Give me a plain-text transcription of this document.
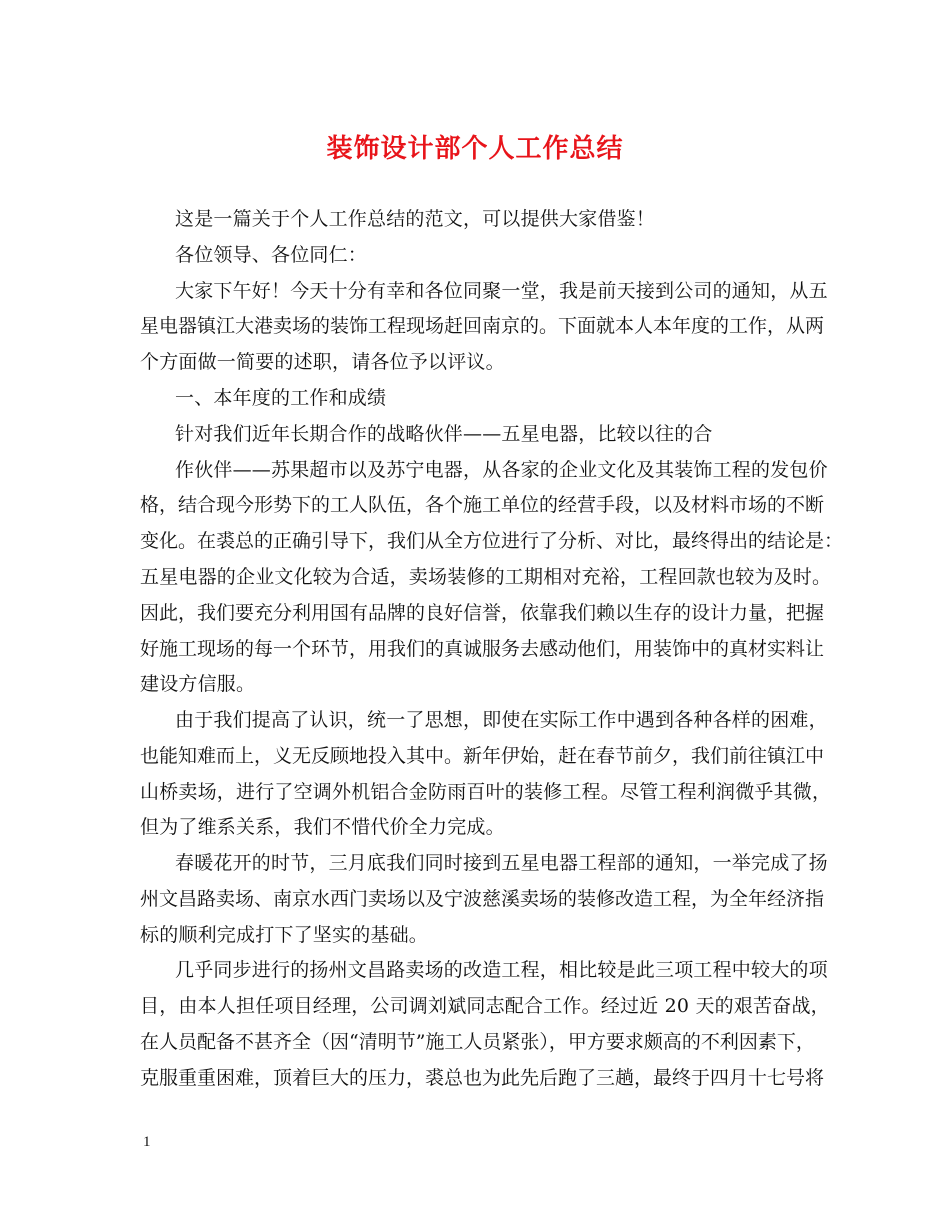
装饰设计部个人工作总结
这是一篇关于个人工作总结的范文，可以提供大家借鉴！
各位领导、各位同仁：
大家下午好！今天十分有幸和各位同聚一堂，我是前天接到公司的通知，从五
星电器镇江大港卖场的装饰工程现场赶回南京的。下面就本人本年度的工作，从两
个方面做一简要的述职，请各位予以评议。
一、本年度的工作和成绩
针对我们近年长期合作的战略伙伴——五星电器，比较以往的合
作伙伴——苏果超市以及苏宁电器，从各家的企业文化及其装饰工程的发包价
格，结合现今形势下的工人队伍，各个施工单位的经营手段，以及材料市场的不断
变化。在裘总的正确引导下，我们从全方位进行了分析、对比，最终得出的结论是：
五星电器的企业文化较为合适，卖场装修的工期相对充裕，工程回款也较为及时。
因此，我们要充分利用国有品牌的良好信誉，依靠我们赖以生存的设计力量，把握
好施工现场的每一个环节，用我们的真诚服务去感动他们，用装饰中的真材实料让
建设方信服。
由于我们提高了认识，统一了思想，即使在实际工作中遇到各种各样的困难，
也能知难而上，义无反顾地投入其中。新年伊始，赶在春节前夕，我们前往镇江中
山桥卖场，进行了空调外机铝合金防雨百叶的装修工程。尽管工程利润微乎其微，
但为了维系关系，我们不惜代价全力完成。
春暖花开的时节，三月底我们同时接到五星电器工程部的通知，一举完成了扬
州文昌路卖场、南京水西门卖场以及宁波慈溪卖场的装修改造工程，为全年经济指
标的顺利完成打下了坚实的基础。
几乎同步进行的扬州文昌路卖场的改造工程，相比较是此三项工程中较大的项
目，由本人担任项目经理，公司调刘斌同志配合工作。经过近 20 天的艰苦奋战，
在人员配备不甚齐全（因“清明节”施工人员紧张），甲方要求颇高的不利因素下，
克服重重困难，顶着巨大的压力，裘总也为此先后跑了三趟，最终于四月十七号将
1
